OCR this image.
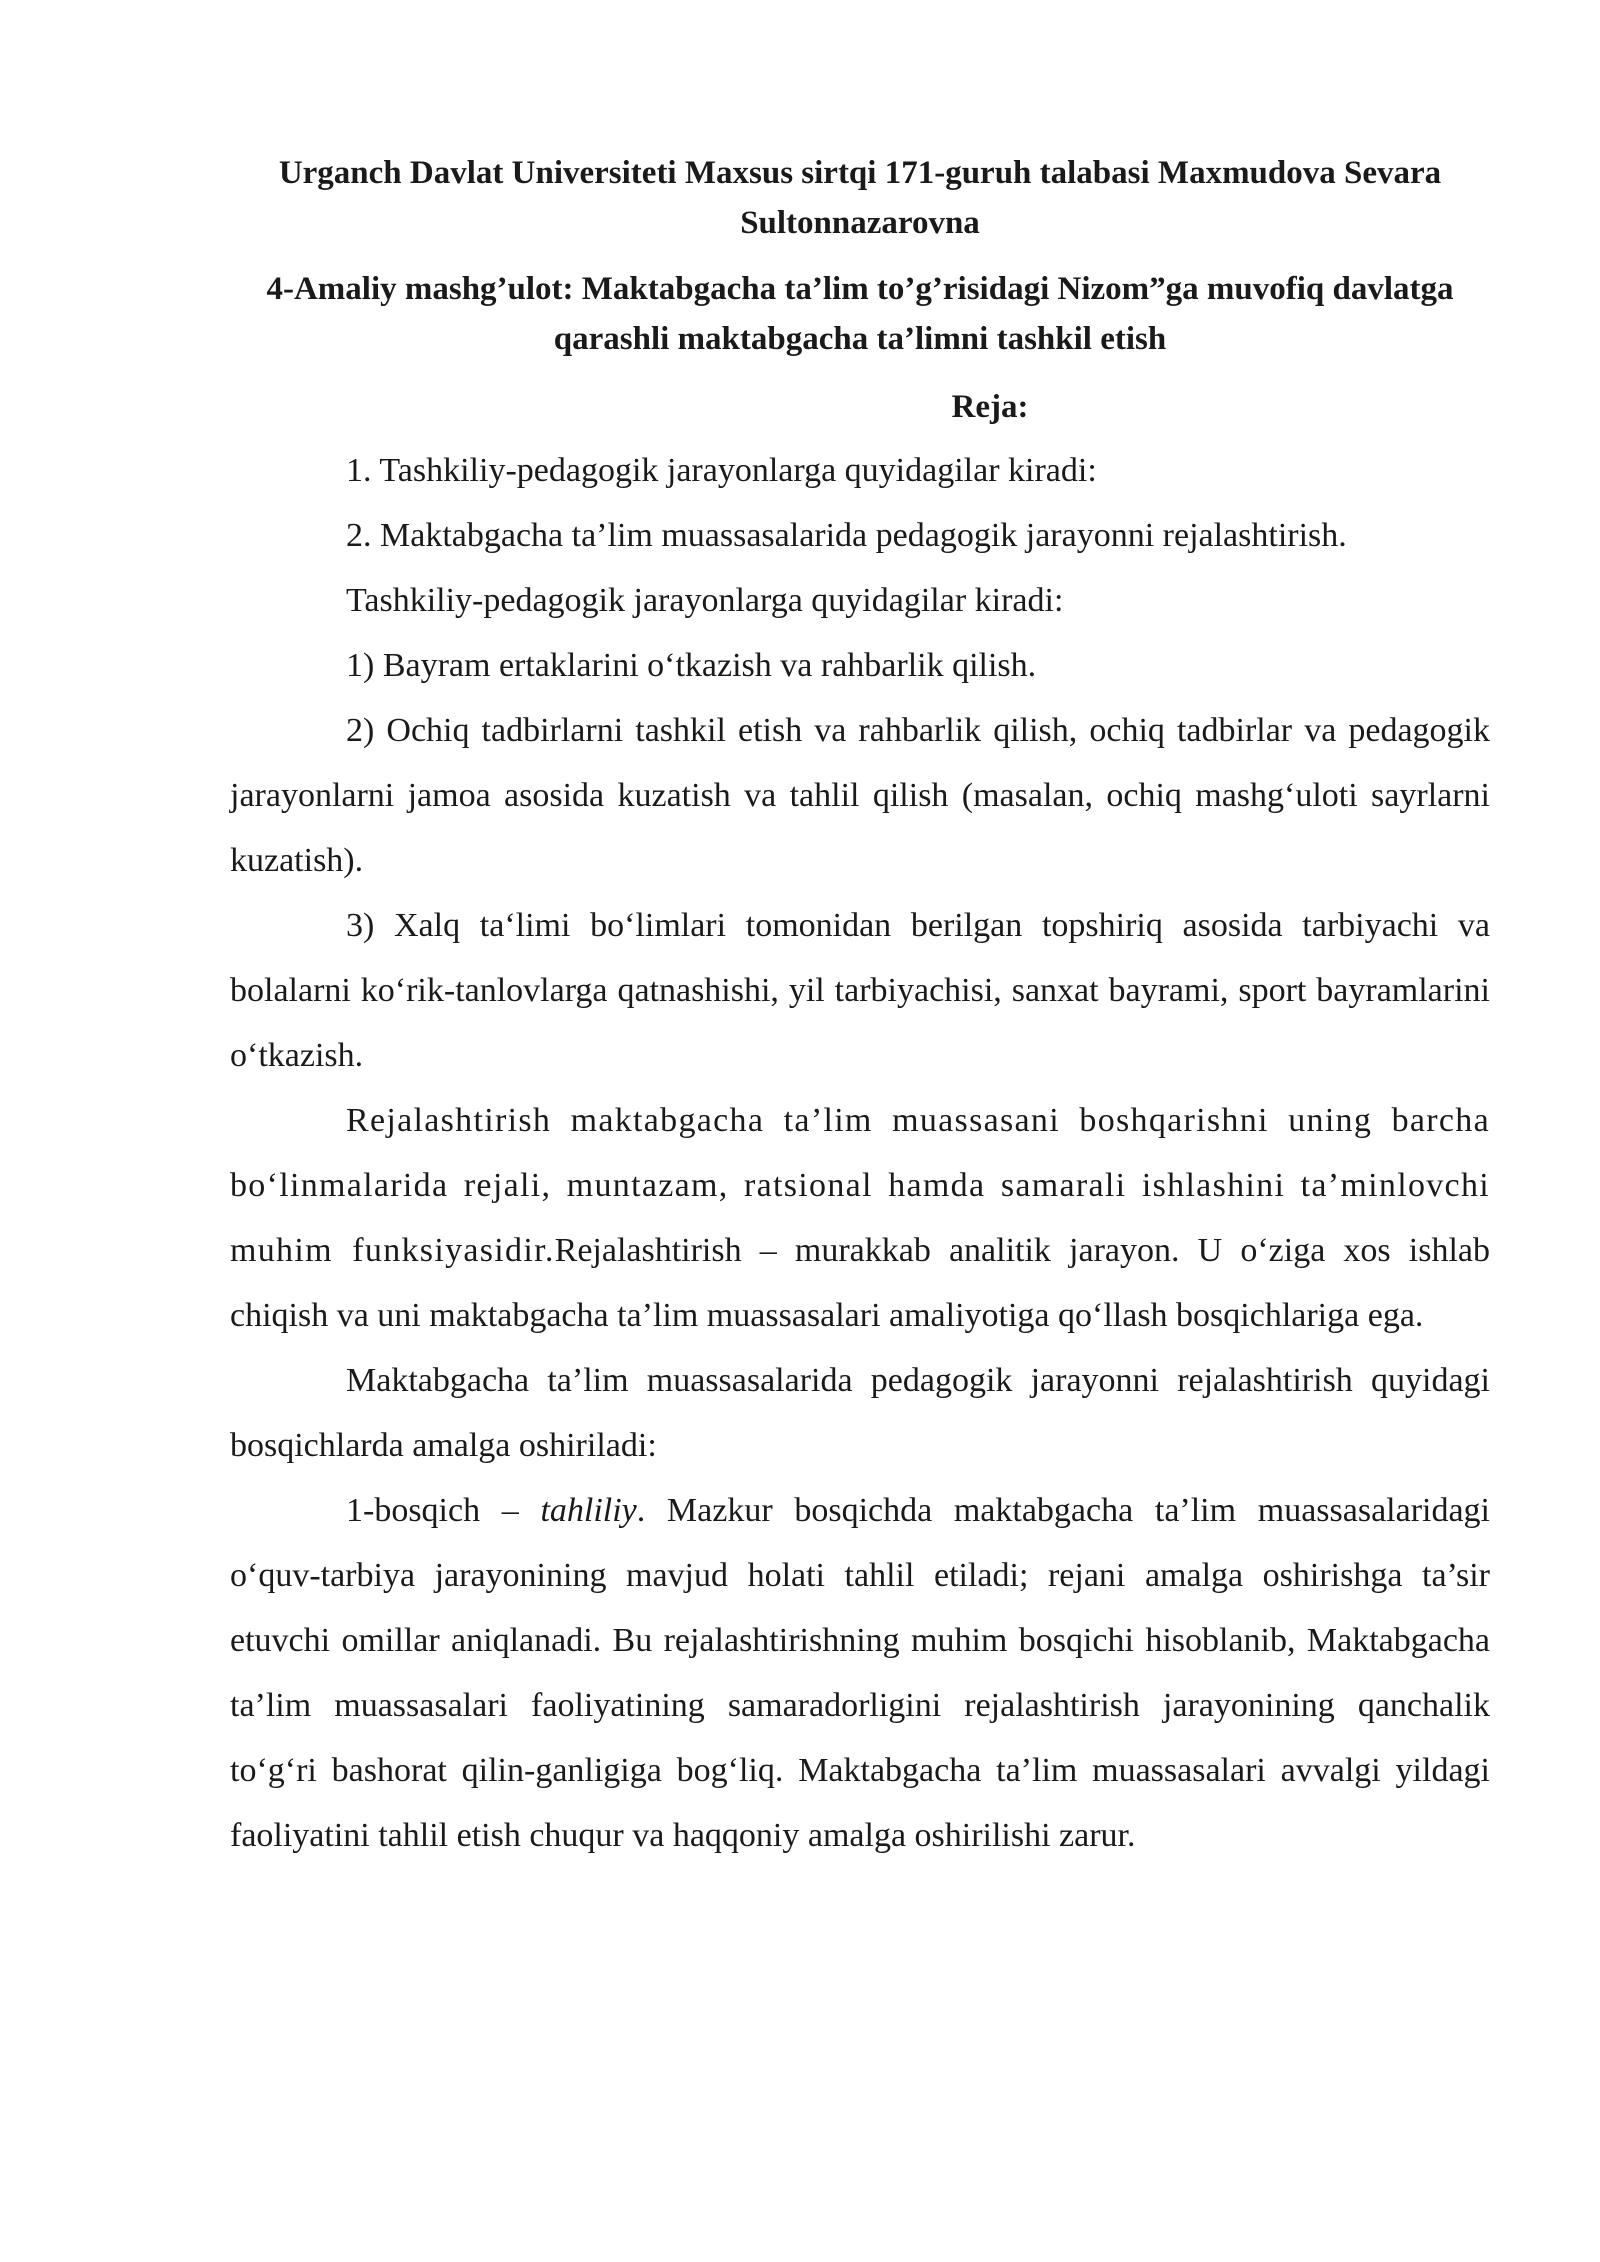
Urganch Davlat Universiteti Maxsus sirtqi 171-guruh talabasi Maxmudova Sevara Sultonnazarovna

4-Amaliy mashg’ulot: Maktabgacha ta’lim to’g’risidagi Nizom”ga muvofiq davlatga qarashli maktabgacha ta’limni tashkil etish

Reja:

1. Tashkiliy-pedagogik jarayonlarga quyidagilar kiradi:

2. Maktabgacha ta’lim muassasalarida pedagogik jarayonni rejalashtirish.

Tashkiliy-pedagogik jarayonlarga quyidagilar kiradi:

1) Bayram ertaklarini o‘tkazish va rahbarlik qilish.

2) Ochiq tadbirlarni tashkil etish va rahbarlik qilish, ochiq tadbirlar va pedagogik jarayonlarni jamoa asosida kuzatish va tahlil qilish (masalan, ochiq mashg‘uloti sayrlarni kuzatish).

3) Xalq ta‘limi bo‘limlari tomonidan berilgan topshiriq asosida tarbiyachi va bolalarni ko‘rik-tanlovlarga qatnashishi, yil tarbiyachisi, sanxat bayrami, sport bayramlarini o‘tkazish.

Rejalashtirish maktabgacha ta’lim muassasani boshqarishni uning barcha bo‘linmalarida rejali, muntazam, ratsional hamda samarali ishlashini ta’minlovchi muhim funksiyasidir.Rejalashtirish – murakkab analitik jarayon. U o‘ziga xos ishlab chiqish va uni maktabgacha ta’lim muassasalari amaliyotiga qo‘llash bosqichlariga ega.

Maktabgacha ta’lim muassasalarida pedagogik jarayonni rejalashtirish quyidagi bosqichlarda amalga oshiriladi:

1-bosqich – tahliliy. Mazkur bosqichda maktabgacha ta’lim muassasalaridagi o‘quv-tarbiya jarayonining mavjud holati tahlil etiladi; rejani amalga oshirishga ta’sir etuvchi omillar aniqlanadi. Bu rejalashtirishning muhim bosqichi hisoblanib, Maktabgacha ta’lim muassasalari faoliyatining samaradorligini rejalashtirish jarayonining qanchalik to‘g‘ri bashorat qilin-ganligiga bog‘liq. Maktabgacha ta’lim muassasalari avvalgi yildagi faoliyatini tahlil etish chuqur va haqqoniy amalga oshirilishi zarur.
